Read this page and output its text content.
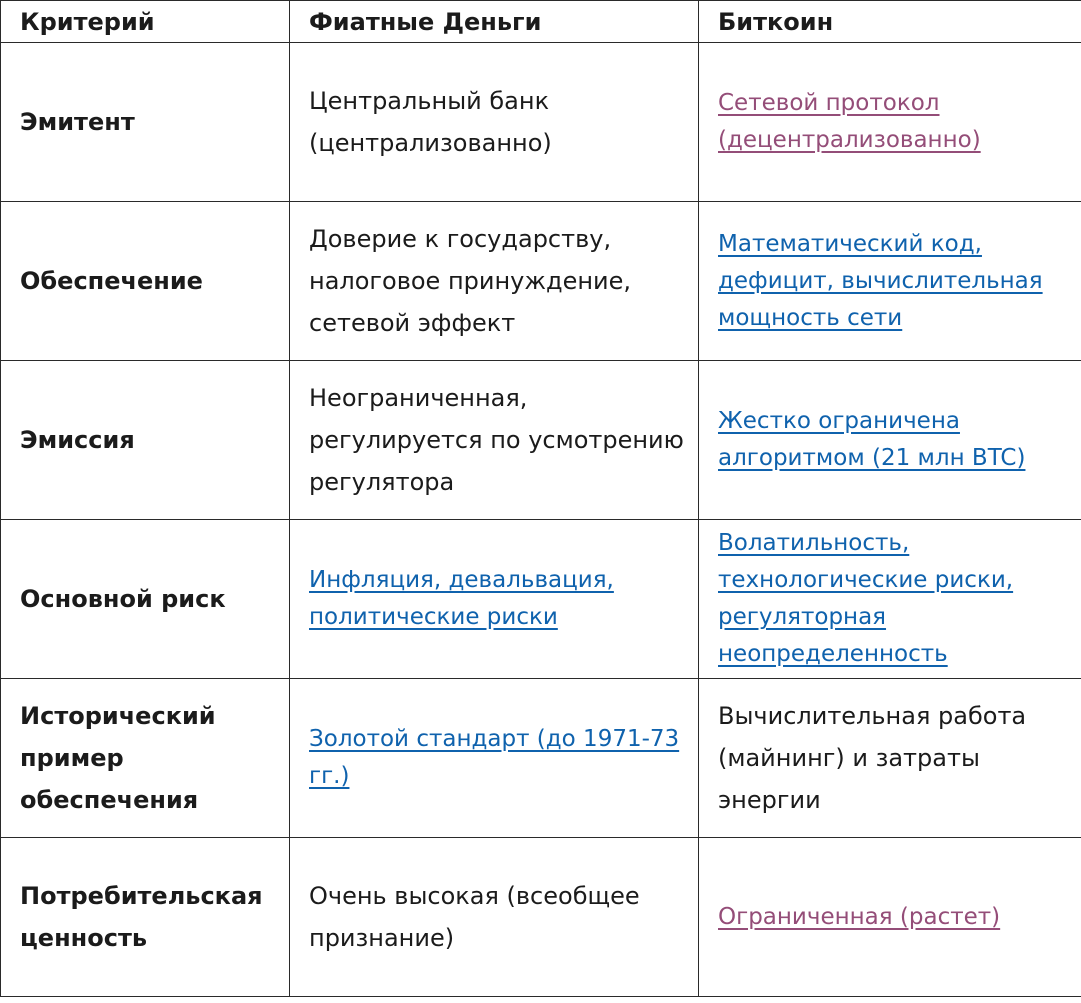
Критерий	Фиатные Деньги	Биткоин
Эмитент	Центральный банк (централизованно)	Сетевой протокол (децентрализованно)

Обеспечение	Доверие к государству, налоговое принуждение, сетевой эффект	Математический код, дефицит, вычислительная мощность сети

Эмиссия	Неограниченная, регулируется по усмотрению регулятора	Жестко ограничена алгоритмом (21 млн BTC)

Основной риск	Инфляция, девальвация, политические риски	Волатильность, технологические риски, регуляторная неопределенность

Исторический пример обеспечения	Золотой стандарт (до 1971-73 гг.)	Вычислительная работа (майнинг) и затраты энергии
Потребительская ценность	Очень высокая (всеобщее признание)	Ограниченная (растет)
